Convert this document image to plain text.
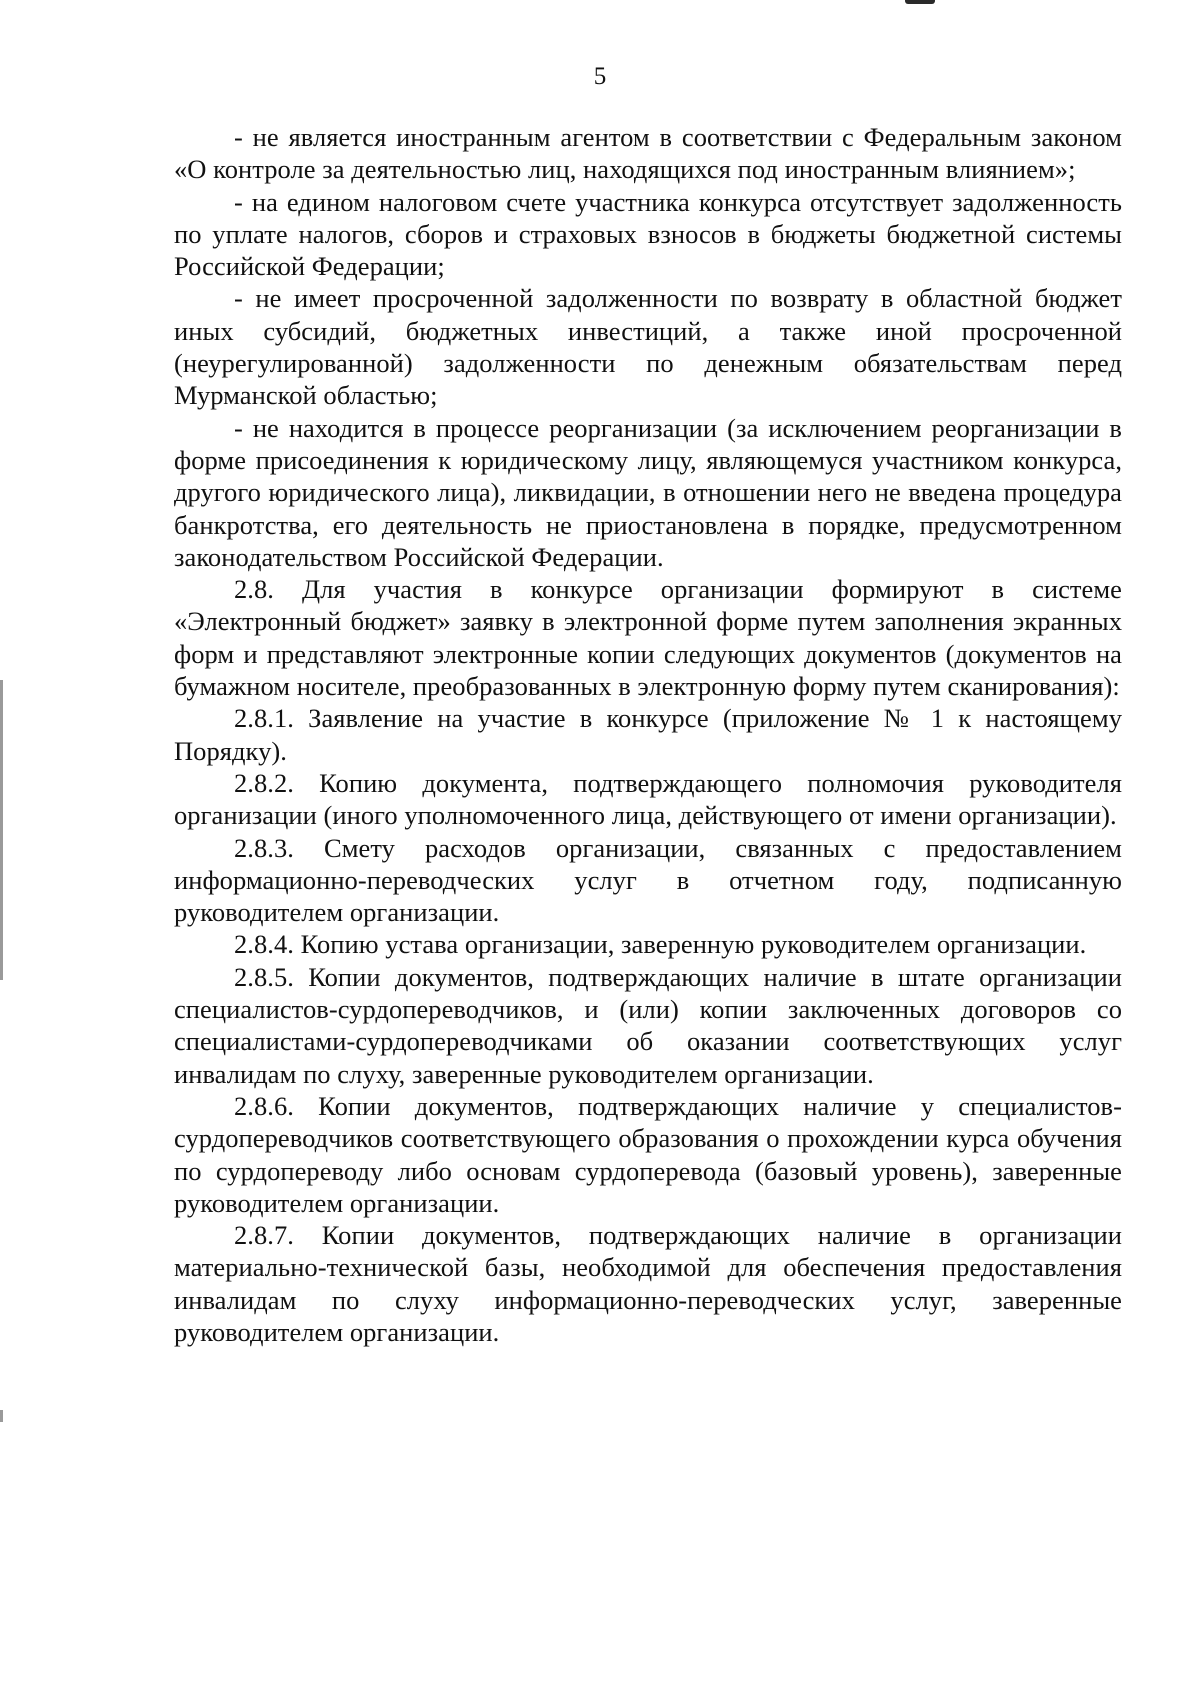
5

- не является иностранным агентом в соответствии с Федеральным законом «О контроле за деятельностью лиц, находящихся под иностранным влиянием»;

- на едином налоговом счете участника конкурса отсутствует задолженность по уплате налогов, сборов и страховых взносов в бюджеты бюджетной системы Российской Федерации;

- не имеет просроченной задолженности по возврату в областной бюджет иных субсидий, бюджетных инвестиций, а также иной просроченной (неурегулированной) задолженности по денежным обязательствам перед Мурманской областью;

- не находится в процессе реорганизации (за исключением реорганизации в форме присоединения к юридическому лицу, являющемуся участником конкурса, другого юридического лица), ликвидации, в отношении него не введена процедура банкротства, его деятельность не приостановлена в порядке, предусмотренном законодательством Российской Федерации.

2.8. Для участия в конкурсе организации формируют в системе «Электронный бюджет» заявку в электронной форме путем заполнения экранных форм и представляют электронные копии следующих документов (документов на бумажном носителе, преобразованных в электронную форму путем сканирования):

2.8.1. Заявление на участие в конкурсе (приложение № 1 к настоящему Порядку).

2.8.2. Копию документа, подтверждающего полномочия руководителя организации (иного уполномоченного лица, действующего от имени организации).

2.8.3. Смету расходов организации, связанных с предоставлением информационно-переводческих услуг в отчетном году, подписанную руководителем организации.

2.8.4. Копию устава организации, заверенную руководителем организации.

2.8.5. Копии документов, подтверждающих наличие в штате организации специалистов-сурдопереводчиков, и (или) копии заключенных договоров со специалистами-сурдопереводчиками об оказании соответствующих услуг инвалидам по слуху, заверенные руководителем организации.

2.8.6. Копии документов, подтверждающих наличие у специалистов-сурдопереводчиков соответствующего образования о прохождении курса обучения по сурдопереводу либо основам сурдоперевода (базовый уровень), заверенные руководителем организации.

2.8.7. Копии документов, подтверждающих наличие в организации материально-технической базы, необходимой для обеспечения предоставления инвалидам по слуху информационно-переводческих услуг, заверенные руководителем организации.
